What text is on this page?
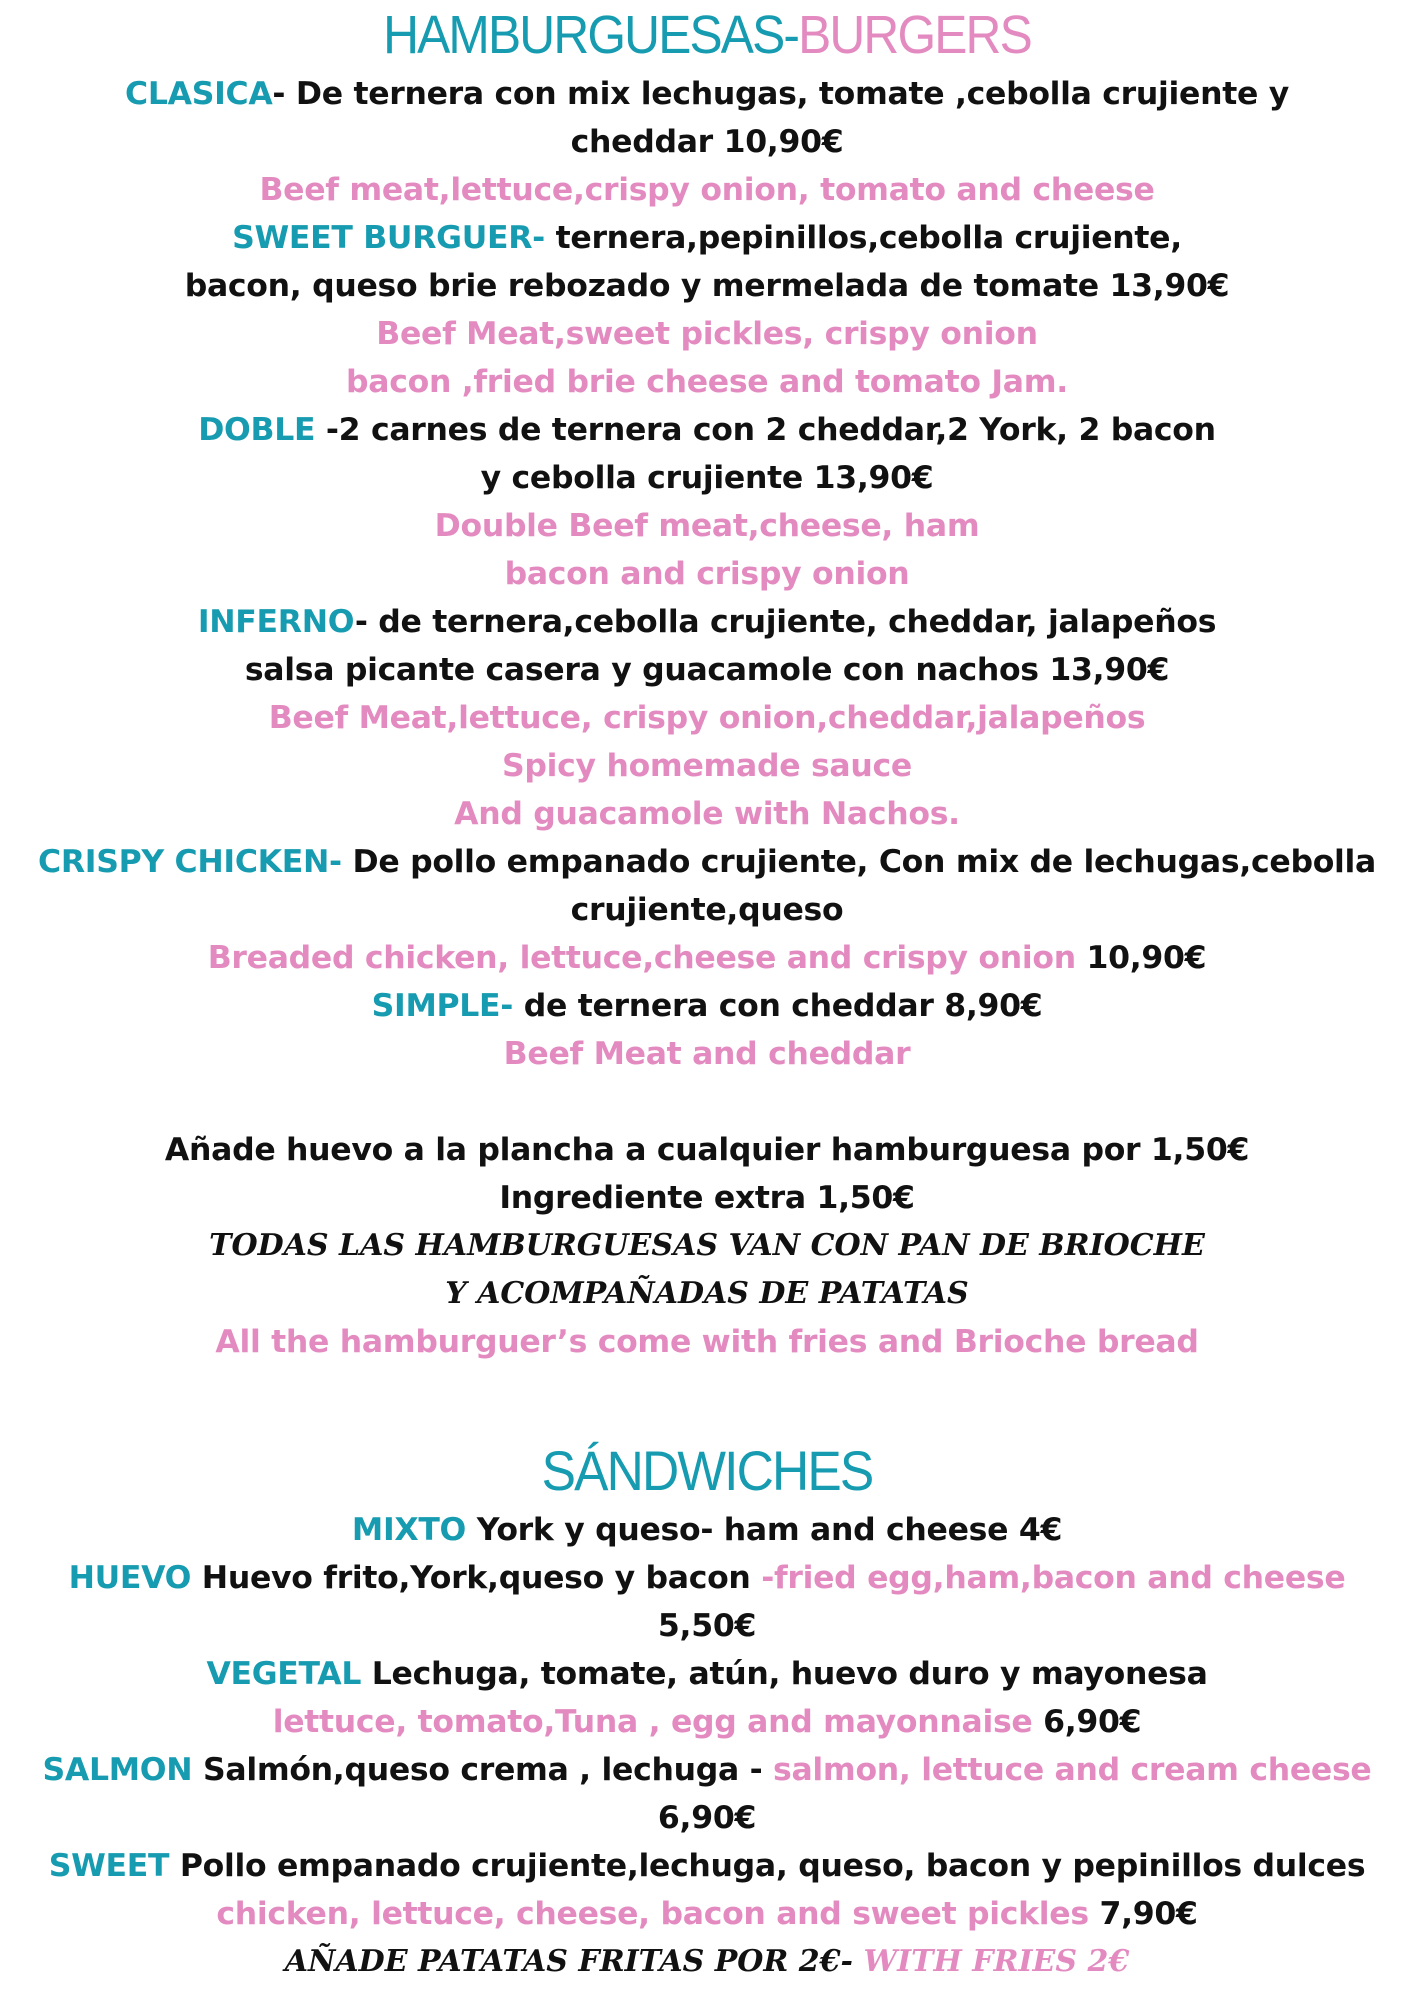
HAMBURGUESAS-BURGERS
CLASICA- De ternera con mix lechugas, tomate ,cebolla crujiente y
cheddar 10,90€
Beef meat,lettuce,crispy onion, tomato and cheese
SWEET BURGUER- ternera,pepinillos,cebolla crujiente,
bacon, queso brie rebozado y mermelada de tomate 13,90€
Beef Meat,sweet pickles, crispy onion
bacon ,fried brie cheese and tomato Jam.
DOBLE -2 carnes de ternera con 2 cheddar,2 York, 2 bacon
y cebolla crujiente 13,90€
Double Beef meat,cheese, ham
bacon and crispy onion
INFERNO- de ternera,cebolla crujiente, cheddar, jalapeños
salsa picante casera y guacamole con nachos 13,90€
Beef Meat,lettuce, crispy onion,cheddar,jalapeños
Spicy homemade sauce
And guacamole with Nachos.
CRISPY CHICKEN- De pollo empanado crujiente, Con mix de lechugas,cebolla
crujiente,queso
Breaded chicken, lettuce,cheese and crispy onion 10,90€
SIMPLE- de ternera con cheddar 8,90€
Beef Meat and cheddar
Añade huevo a la plancha a cualquier hamburguesa por 1,50€
Ingrediente extra 1,50€
TODAS LAS HAMBURGUESAS VAN CON PAN DE BRIOCHE
Y ACOMPAÑADAS DE PATATAS
All the hamburguer’s come with fries and Brioche bread
SÁNDWICHES
MIXTO York y queso- ham and cheese 4€
HUEVO Huevo frito,York,queso y bacon -fried egg,ham,bacon and cheese
5,50€
VEGETAL Lechuga, tomate, atún, huevo duro y mayonesa
lettuce, tomato,Tuna , egg and mayonnaise 6,90€
SALMON Salmón,queso crema , lechuga - salmon, lettuce and cream cheese
6,90€
SWEET Pollo empanado crujiente,lechuga, queso, bacon y pepinillos dulces
chicken, lettuce, cheese, bacon and sweet pickles 7,90€
AÑADE PATATAS FRITAS POR 2€- WITH FRIES 2€
